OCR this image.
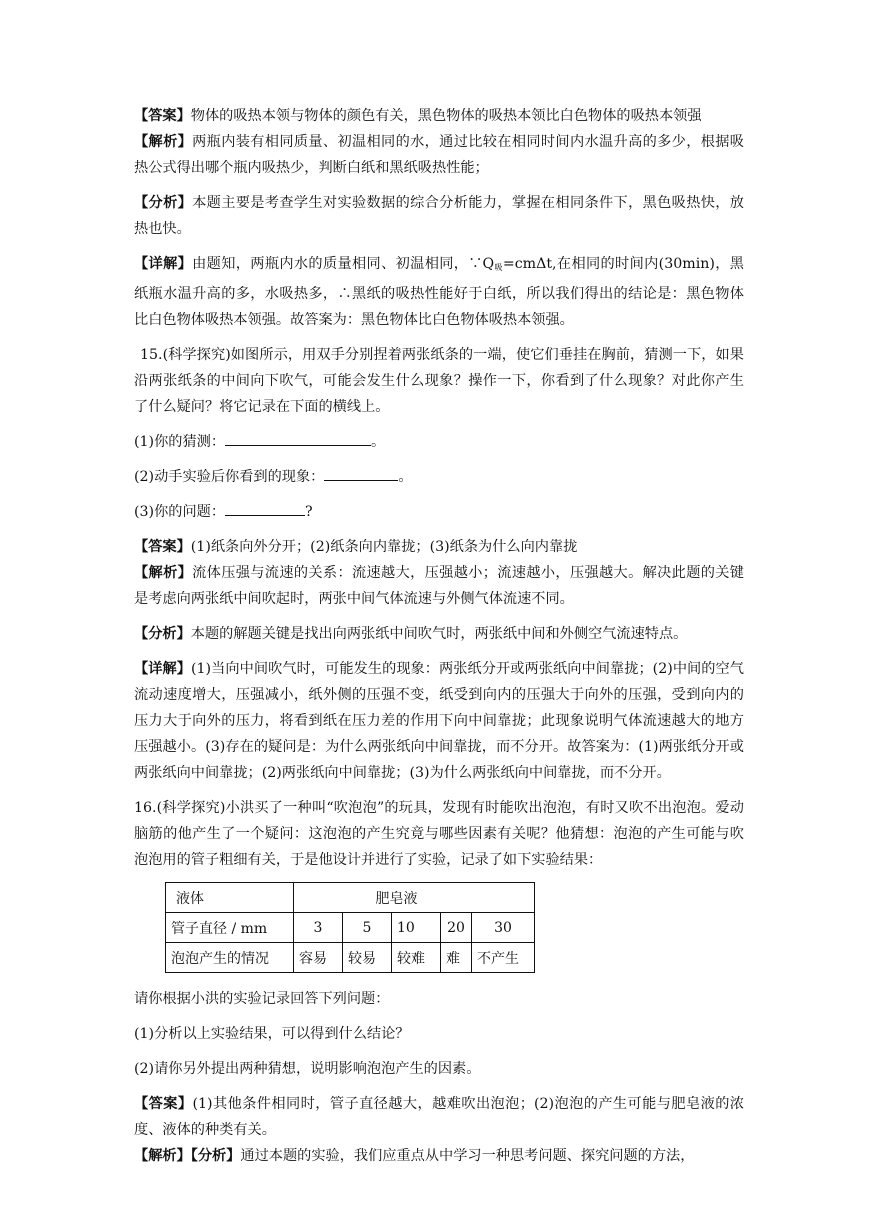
【答案】物体的吸热本领与物体的颜色有关，黑色物体的吸热本领比白色物体的吸热本领强

【解析】两瓶内装有相同质量、初温相同的水，通过比较在相同时间内水温升高的多少，根据吸热公式得出哪个瓶内吸热少，判断白纸和黑纸吸热性能；

【分析】本题主要是考查学生对实验数据的综合分析能力，掌握在相同条件下，黑色吸热快，放热也快。

【详解】由题知，两瓶内水的质量相同、初温相同，$\because Q_吸=cm\Delta t$,在相同的时间内(30min)，黑纸瓶水温升高的多，水吸热多，∴黑纸的吸热性能好于白纸，所以我们得出的结论是：黑色物体比白色物体吸热本领强。故答案为：黑色物体比白色物体吸热本领强。

15.(科学探究)如图所示，用双手分别捏着两张纸条的一端，使它们垂挂在胸前，猜测一下，如果沿两张纸条的中间向下吹气，可能会发生什么现象？操作一下，你看到了什么现象？对此你产生了什么疑问？将它记录在下面的横线上。

(1)你的猜测：	。

(2)动手实验后你看到的现象：	。

(3)你的问题：	?

【答案】(1)纸条向外分开；(2)纸条向内靠拢；(3)纸条为什么向内靠拢

【解析】流体压强与流速的关系：流速越大，压强越小；流速越小，压强越大。解决此题的关键是考虑向两张纸中间吹起时，两张中间气体流速与外侧气体流速不同。

【分析】本题的解题关键是找出向两张纸中间吹气时，两张纸中间和外侧空气流速特点。

【详解】(1)当向中间吹气时，可能发生的现象：两张纸分开或两张纸向中间靠拢；(2)中间的空气流动速度增大，压强减小，纸外侧的压强不变，纸受到向内的压强大于向外的压强，受到向内的压力大于向外的压力，将看到纸在压力差的作用下向中间靠拢；此现象说明气体流速越大的地方压强越小。(3)存在的疑问是：为什么两张纸向中间靠拢，而不分开。故答案为：(1)两张纸分开或两张纸向中间靠拢；(2)两张纸向中间靠拢；(3)为什么两张纸向中间靠拢，而不分开。

16.(科学探究)小洪买了一种叫“吹泡泡”的玩具，发现有时能吹出泡泡，有时又吹不出泡泡。爱动脑筋的他产生了一个疑问：这泡泡的产生究竟与哪些因素有关呢？他猜想：泡泡的产生可能与吹泡泡用的管子粗细有关，于是他设计并进行了实验，记录了如下实验结果：

液体	肥皂液				
管子直径 / mm	3	5	10	20	30
泡泡产生的情况	容易	较易	较难	难	不产生

请你根据小洪的实验记录回答下列问题：

(1)分析以上实验结果，可以得到什么结论？

(2)请你另外提出两种猜想，说明影响泡泡产生的因素。

【答案】(1)其他条件相同时，管子直径越大，越难吹出泡泡；(2)泡泡的产生可能与肥皂液的浓度、液体的种类有关。

【解析】【分析】通过本题的实验，我们应重点从中学习一种思考问题、探究问题的方法，
